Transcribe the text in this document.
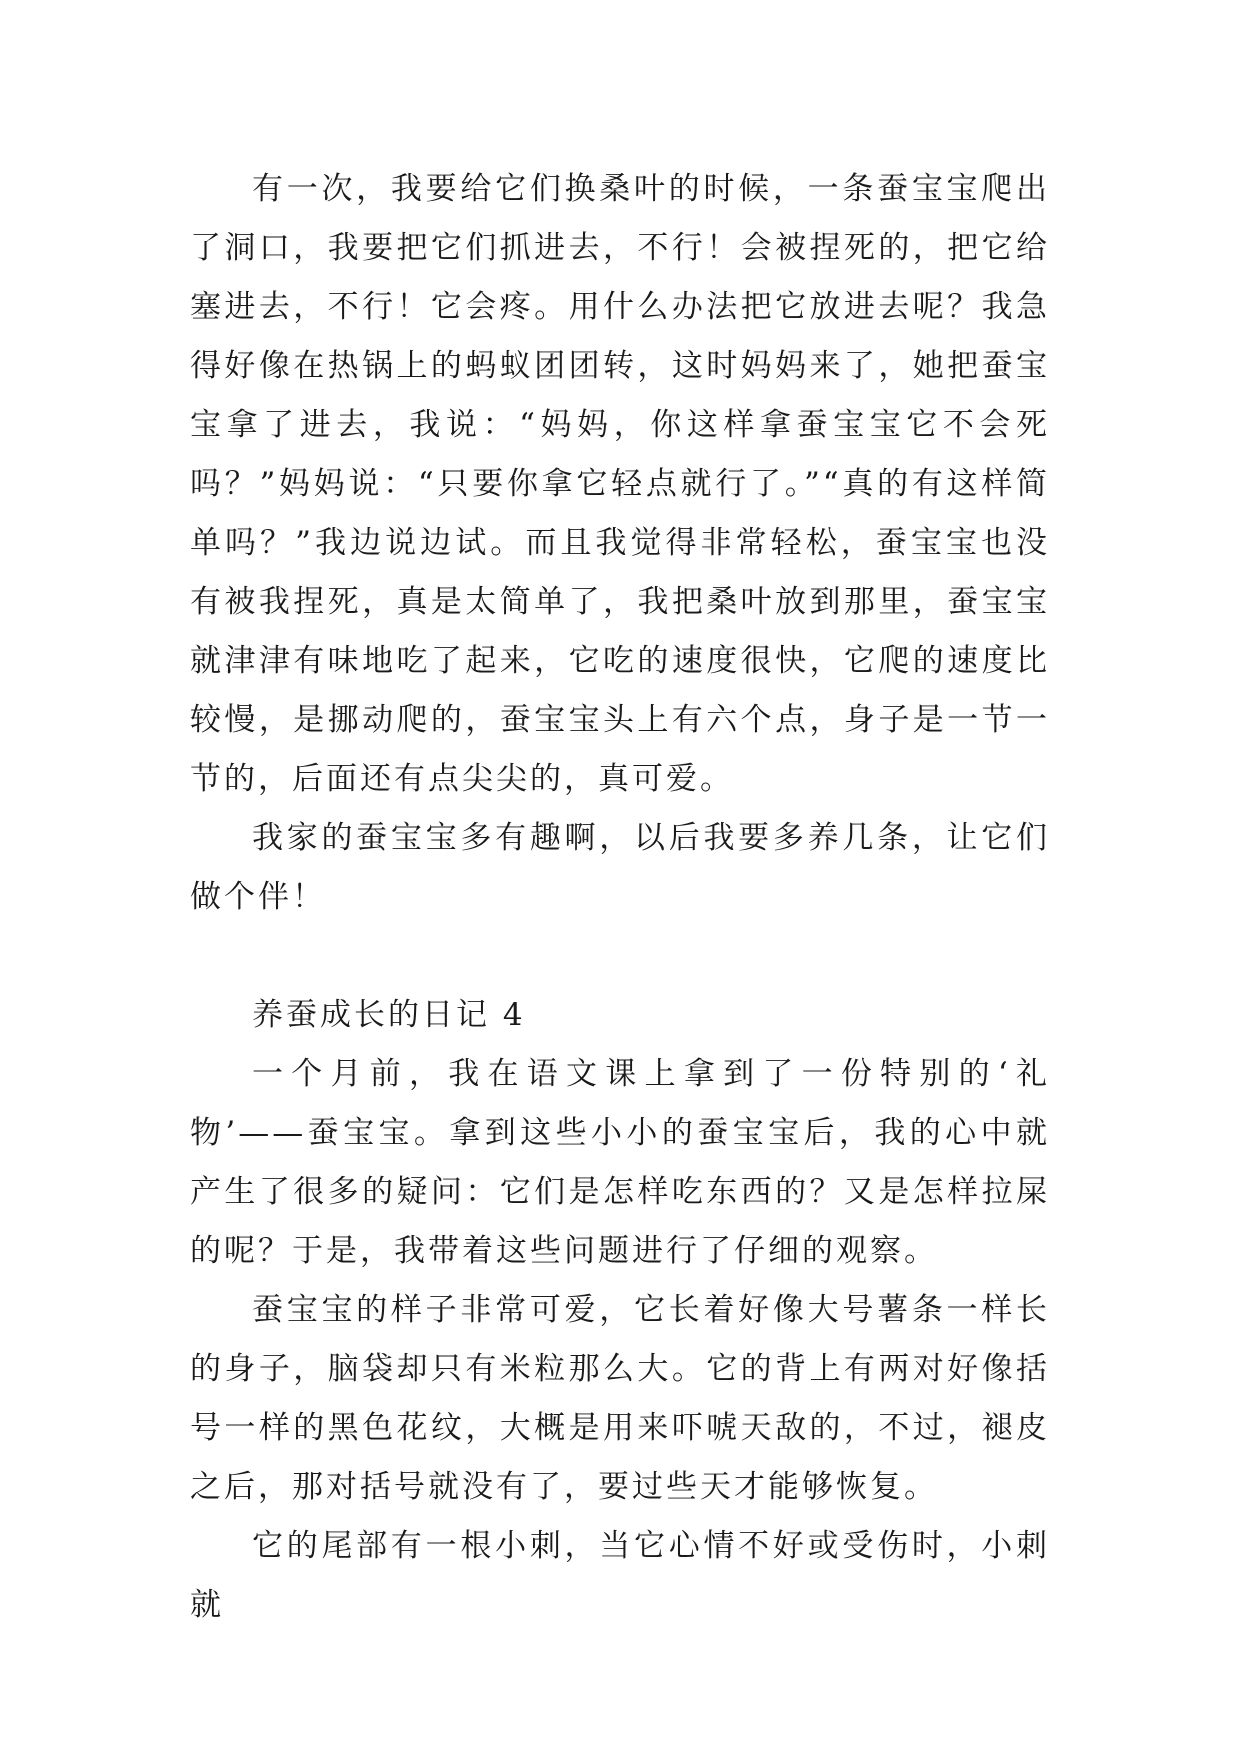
有一次，我要给它们换桑叶的时候，一条蚕宝宝爬出了洞口，我要把它们抓进去，不行！会被捏死的，把它给塞进去，不行！它会疼。用什么办法把它放进去呢？我急得好像在热锅上的蚂蚁团团转，这时妈妈来了，她把蚕宝宝拿了进去，我说：“妈妈，你这样拿蚕宝宝它不会死吗？”妈妈说：“只要你拿它轻点就行了。”“真的有这样简单吗？”我边说边试。而且我觉得非常轻松，蚕宝宝也没有被我捏死，真是太简单了，我把桑叶放到那里，蚕宝宝就津津有味地吃了起来，它吃的速度很快，它爬的速度比较慢，是挪动爬的，蚕宝宝头上有六个点，身子是一节一节的，后面还有点尖尖的，真可爱。

我家的蚕宝宝多有趣啊，以后我要多养几条，让它们做个伴！

养蚕成长的日记 4

一个月前，我在语文课上拿到了一份特别的‘礼物’——蚕宝宝。拿到这些小小的蚕宝宝后，我的心中就产生了很多的疑问：它们是怎样吃东西的？又是怎样拉屎的呢？于是，我带着这些问题进行了仔细的观察。

蚕宝宝的样子非常可爱，它长着好像大号薯条一样长的身子，脑袋却只有米粒那么大。它的背上有两对好像括号一样的黑色花纹，大概是用来吓唬天敌的，不过，褪皮之后，那对括号就没有了，要过些天才能够恢复。

它的尾部有一根小刺，当它心情不好或受伤时，小刺就
